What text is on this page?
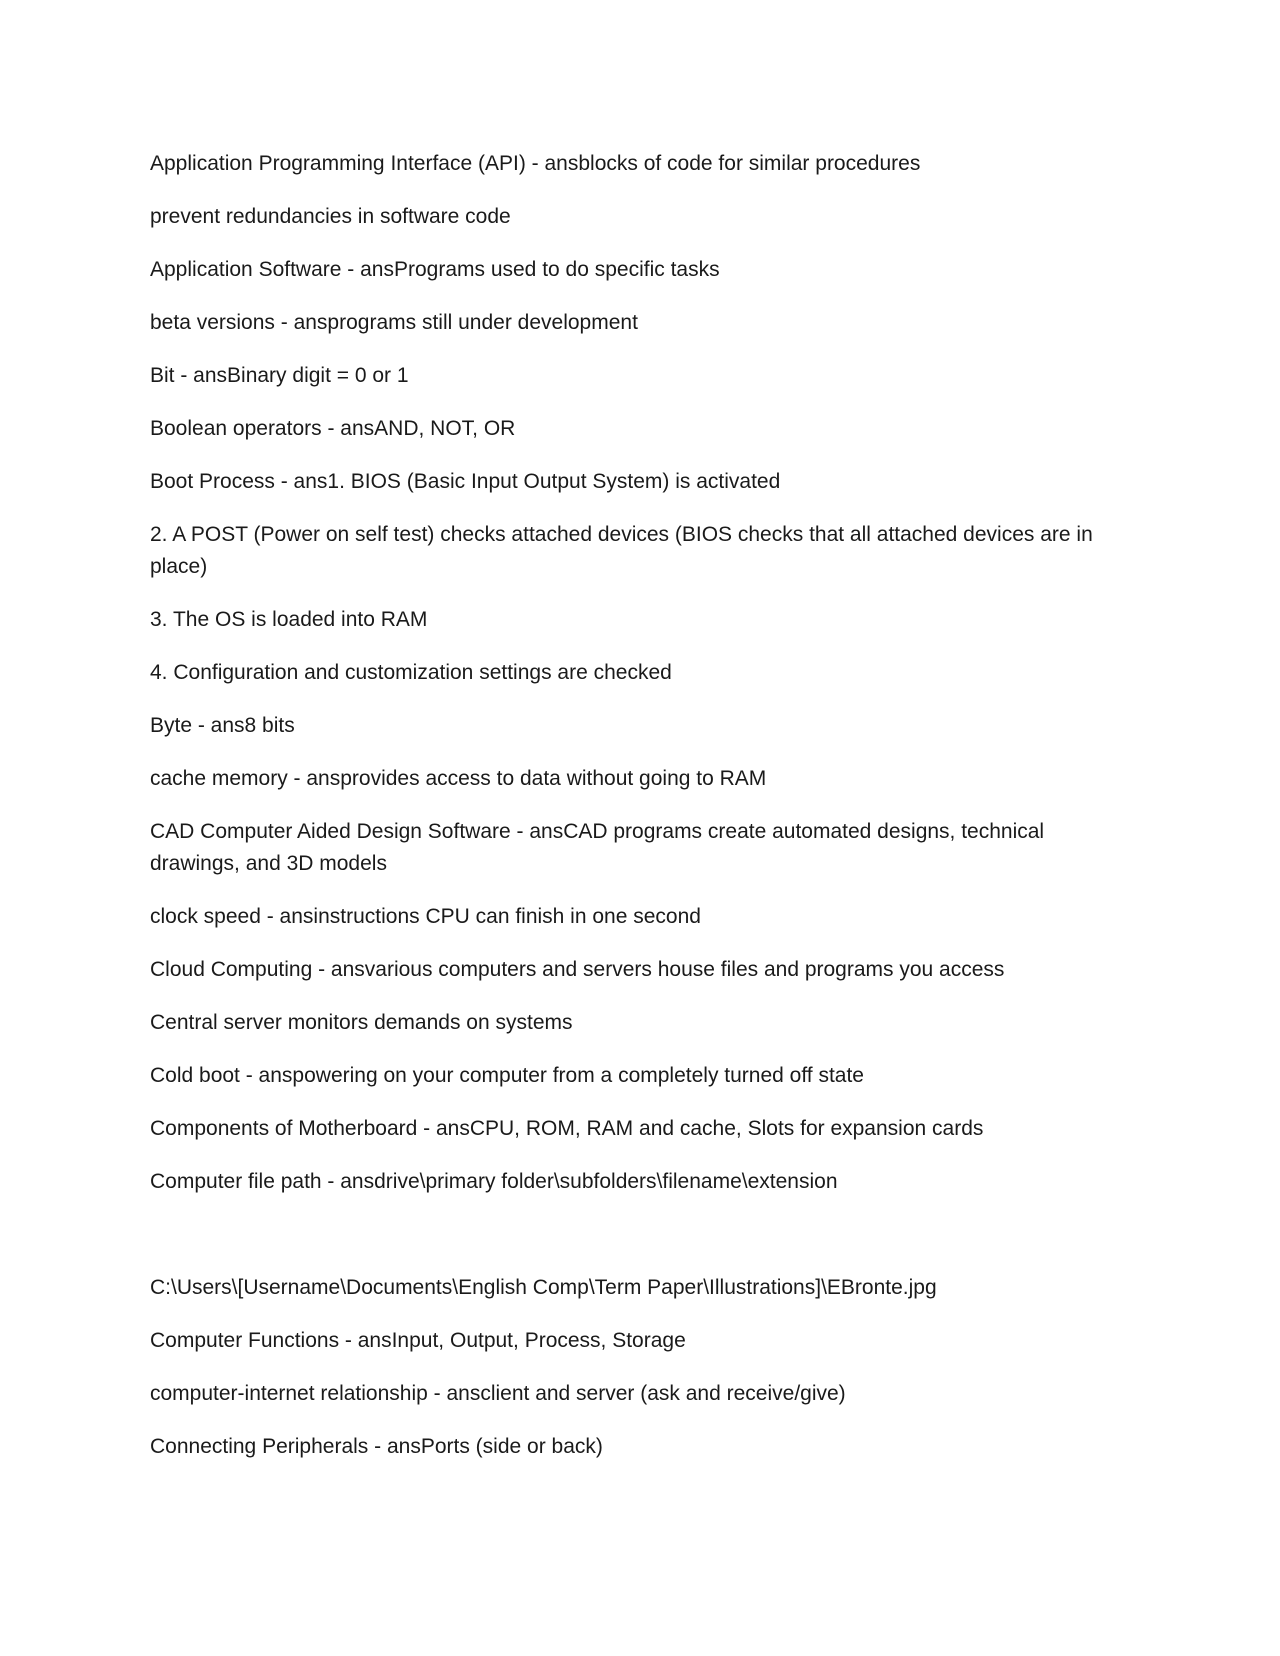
Application Programming Interface (API) - ansblocks of code for similar procedures

prevent redundancies in software code

Application Software - ansPrograms used to do specific tasks

beta versions - ansprograms still under development

Bit - ansBinary digit = 0 or 1

Boolean operators - ansAND, NOT, OR

Boot Process - ans1. BIOS (Basic Input Output System) is activated

2. A POST (Power on self test) checks attached devices (BIOS checks that all attached devices are in place)

3. The OS is loaded into RAM

4. Configuration and customization settings are checked

Byte - ans8 bits

cache memory - ansprovides access to data without going to RAM

CAD Computer Aided Design Software - ansCAD programs create automated designs, technical drawings, and 3D models

clock speed - ansinstructions CPU can finish in one second

Cloud Computing - ansvarious computers and servers house files and programs you access

Central server monitors demands on systems

Cold boot - anspowering on your computer from a completely turned off state

Components of Motherboard - ansCPU, ROM, RAM and cache, Slots for expansion cards

Computer file path - ansdrive\primary folder\subfolders\filename\extension

C:\Users\[Username\Documents\English Comp\Term Paper\Illustrations]\EBronte.jpg

Computer Functions - ansInput, Output, Process, Storage

computer-internet relationship - ansclient and server (ask and receive/give)

Connecting Peripherals - ansPorts (side or back)
